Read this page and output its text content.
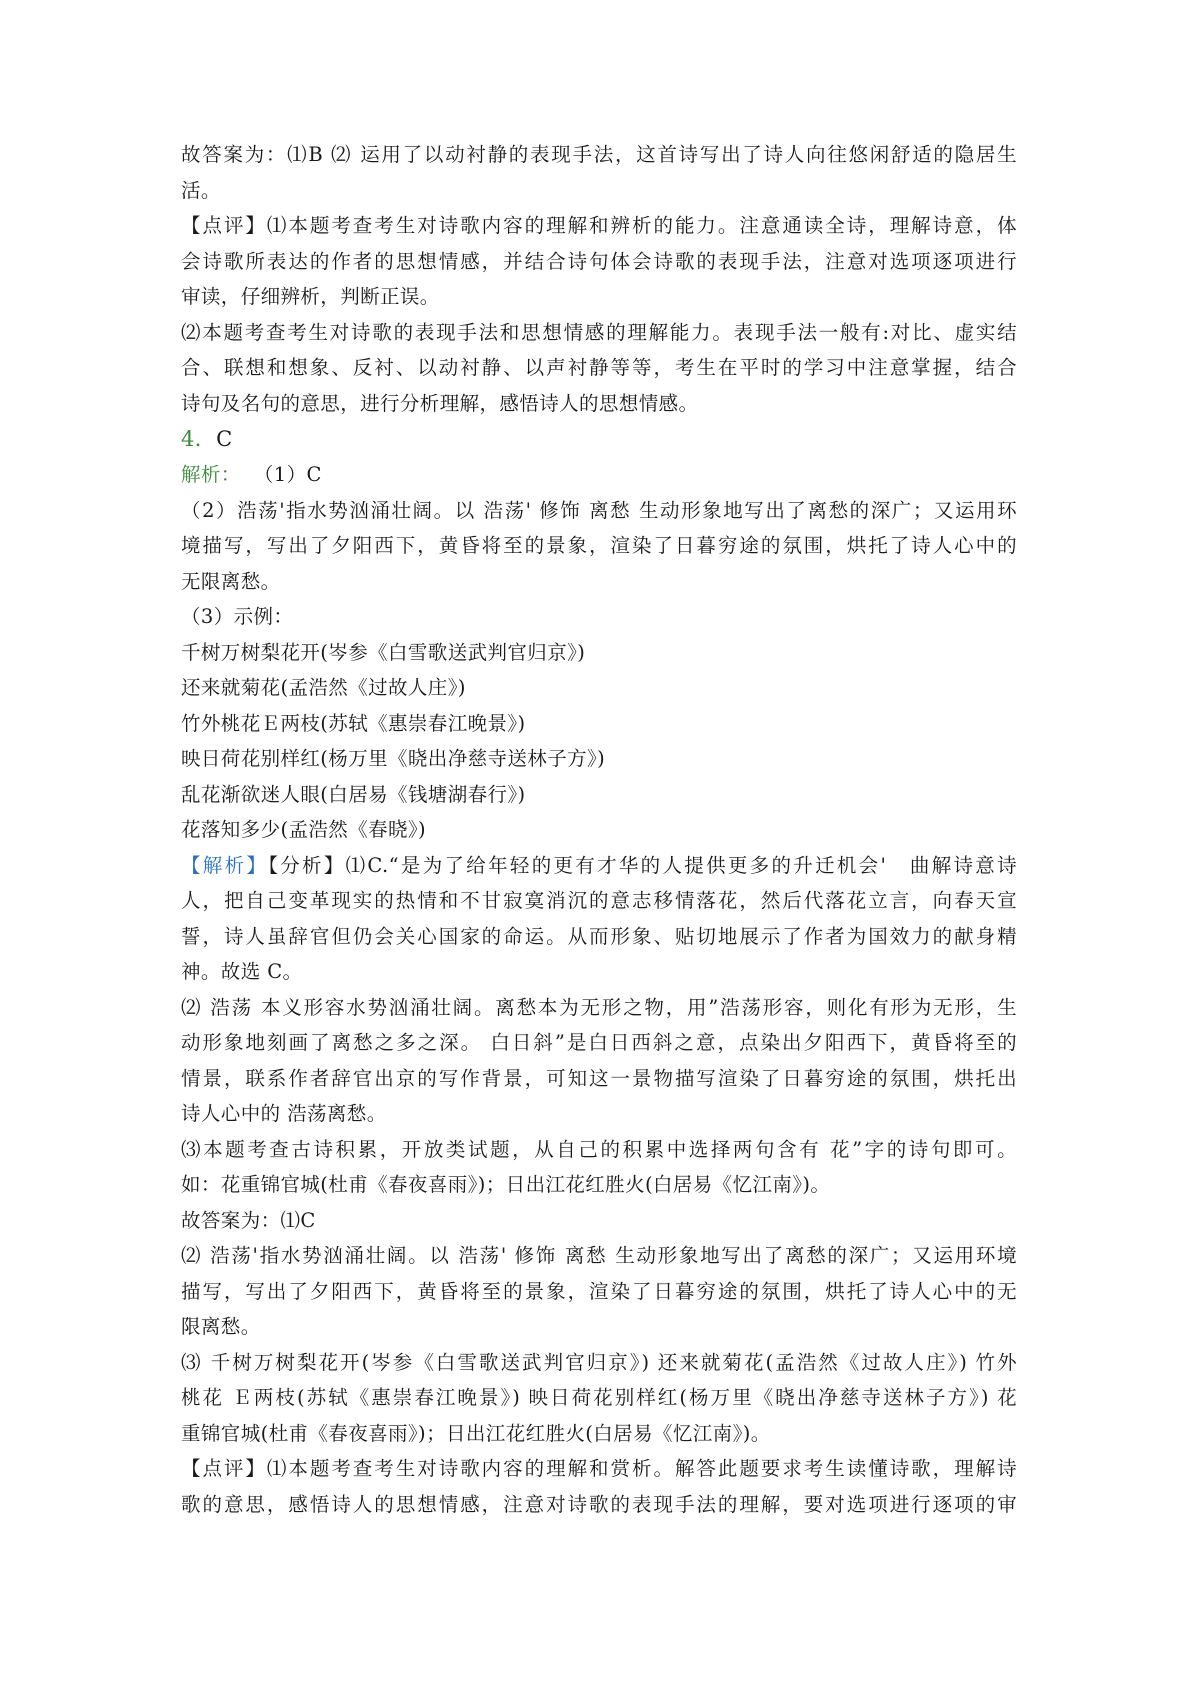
故答案为：⑴B ⑵ 运用了以动衬静的表现手法，这首诗写出了诗人向往悠闲舒适的隐居生

活。

【点评】⑴本题考查考生对诗歌内容的理解和辨析的能力。注意通读全诗，理解诗意，体

会诗歌所表达的作者的思想情感，并结合诗句体会诗歌的表现手法，注意对选项逐项进行

审读，仔细辨析，判断正误。

⑵本题考查考生对诗歌的表现手法和思想情感的理解能力。表现手法一般有:对比、虚实结

合、联想和想象、反衬、以动衬静、以声衬静等等，考生在平时的学习中注意掌握，结合

诗句及名句的意思，进行分析理解，感悟诗人的思想情感。

4．C

解析： （1）C

（2）浩荡'指水势汹涌壮阔。以 浩荡' 修饰 离愁 生动形象地写出了离愁的深广；又运用环

境描写，写出了夕阳西下，黄昏将至的景象，渲染了日暮穷途的氛围，烘托了诗人心中的

无限离愁。

（3）示例：

千树万树梨花开(岑参《白雪歌送武判官归京》)

还来就菊花(孟浩然《过故人庄》)

竹外桃花Ｅ两枝(苏轼《惠崇春江晚景》)

映日荷花别样红(杨万里《晓出净慈寺送林子方》)

乱花渐欲迷人眼(白居易《钱塘湖春行》)

花落知多少(孟浩然《春晓》)

【解析】【分析】⑴C.“是为了给年轻的更有才华的人提供更多的升迁机会'　曲解诗意诗

人，把自己变革现实的热情和不甘寂寞消沉的意志移情落花，然后代落花立言，向春天宣

誓，诗人虽辞官但仍会关心国家的命运。从而形象、贴切地展示了作者为国效力的献身精

神。故选 C。

⑵ 浩荡 本义形容水势汹涌壮阔。离愁本为无形之物，用”浩荡形容，则化有形为无形，生

动形象地刻画了离愁之多之深。 白日斜”是白日西斜之意，点染出夕阳西下，黄昏将至的

情景，联系作者辞官出京的写作背景，可知这一景物描写渲染了日暮穷途的氛围，烘托出

诗人心中的 浩荡离愁。

⑶本题考查古诗积累，开放类试题，从自己的积累中选择两句含有 花”字的诗句即可。

如：花重锦官城(杜甫《春夜喜雨》)；日出江花红胜火(白居易《忆江南》)。

故答案为：⑴C

⑵ 浩荡'指水势汹涌壮阔。以 浩荡' 修饰 离愁 生动形象地写出了离愁的深广；又运用环境

描写，写出了夕阳西下，黄昏将至的景象，渲染了日暮穷途的氛围，烘托了诗人心中的无

限离愁。

⑶ 千树万树梨花开(岑参《白雪歌送武判官归京》) 还来就菊花(孟浩然《过故人庄》) 竹外

桃花 Ｅ两枝(苏轼《惠崇春江晚景》) 映日荷花别样红(杨万里《晓出净慈寺送林子方》) 花

重锦官城(杜甫《春夜喜雨》)；日出江花红胜火(白居易《忆江南》)。

【点评】⑴本题考查考生对诗歌内容的理解和赏析。解答此题要求考生读懂诗歌，理解诗

歌的意思，感悟诗人的思想情感，注意对诗歌的表现手法的理解，要对选项进行逐项的审
